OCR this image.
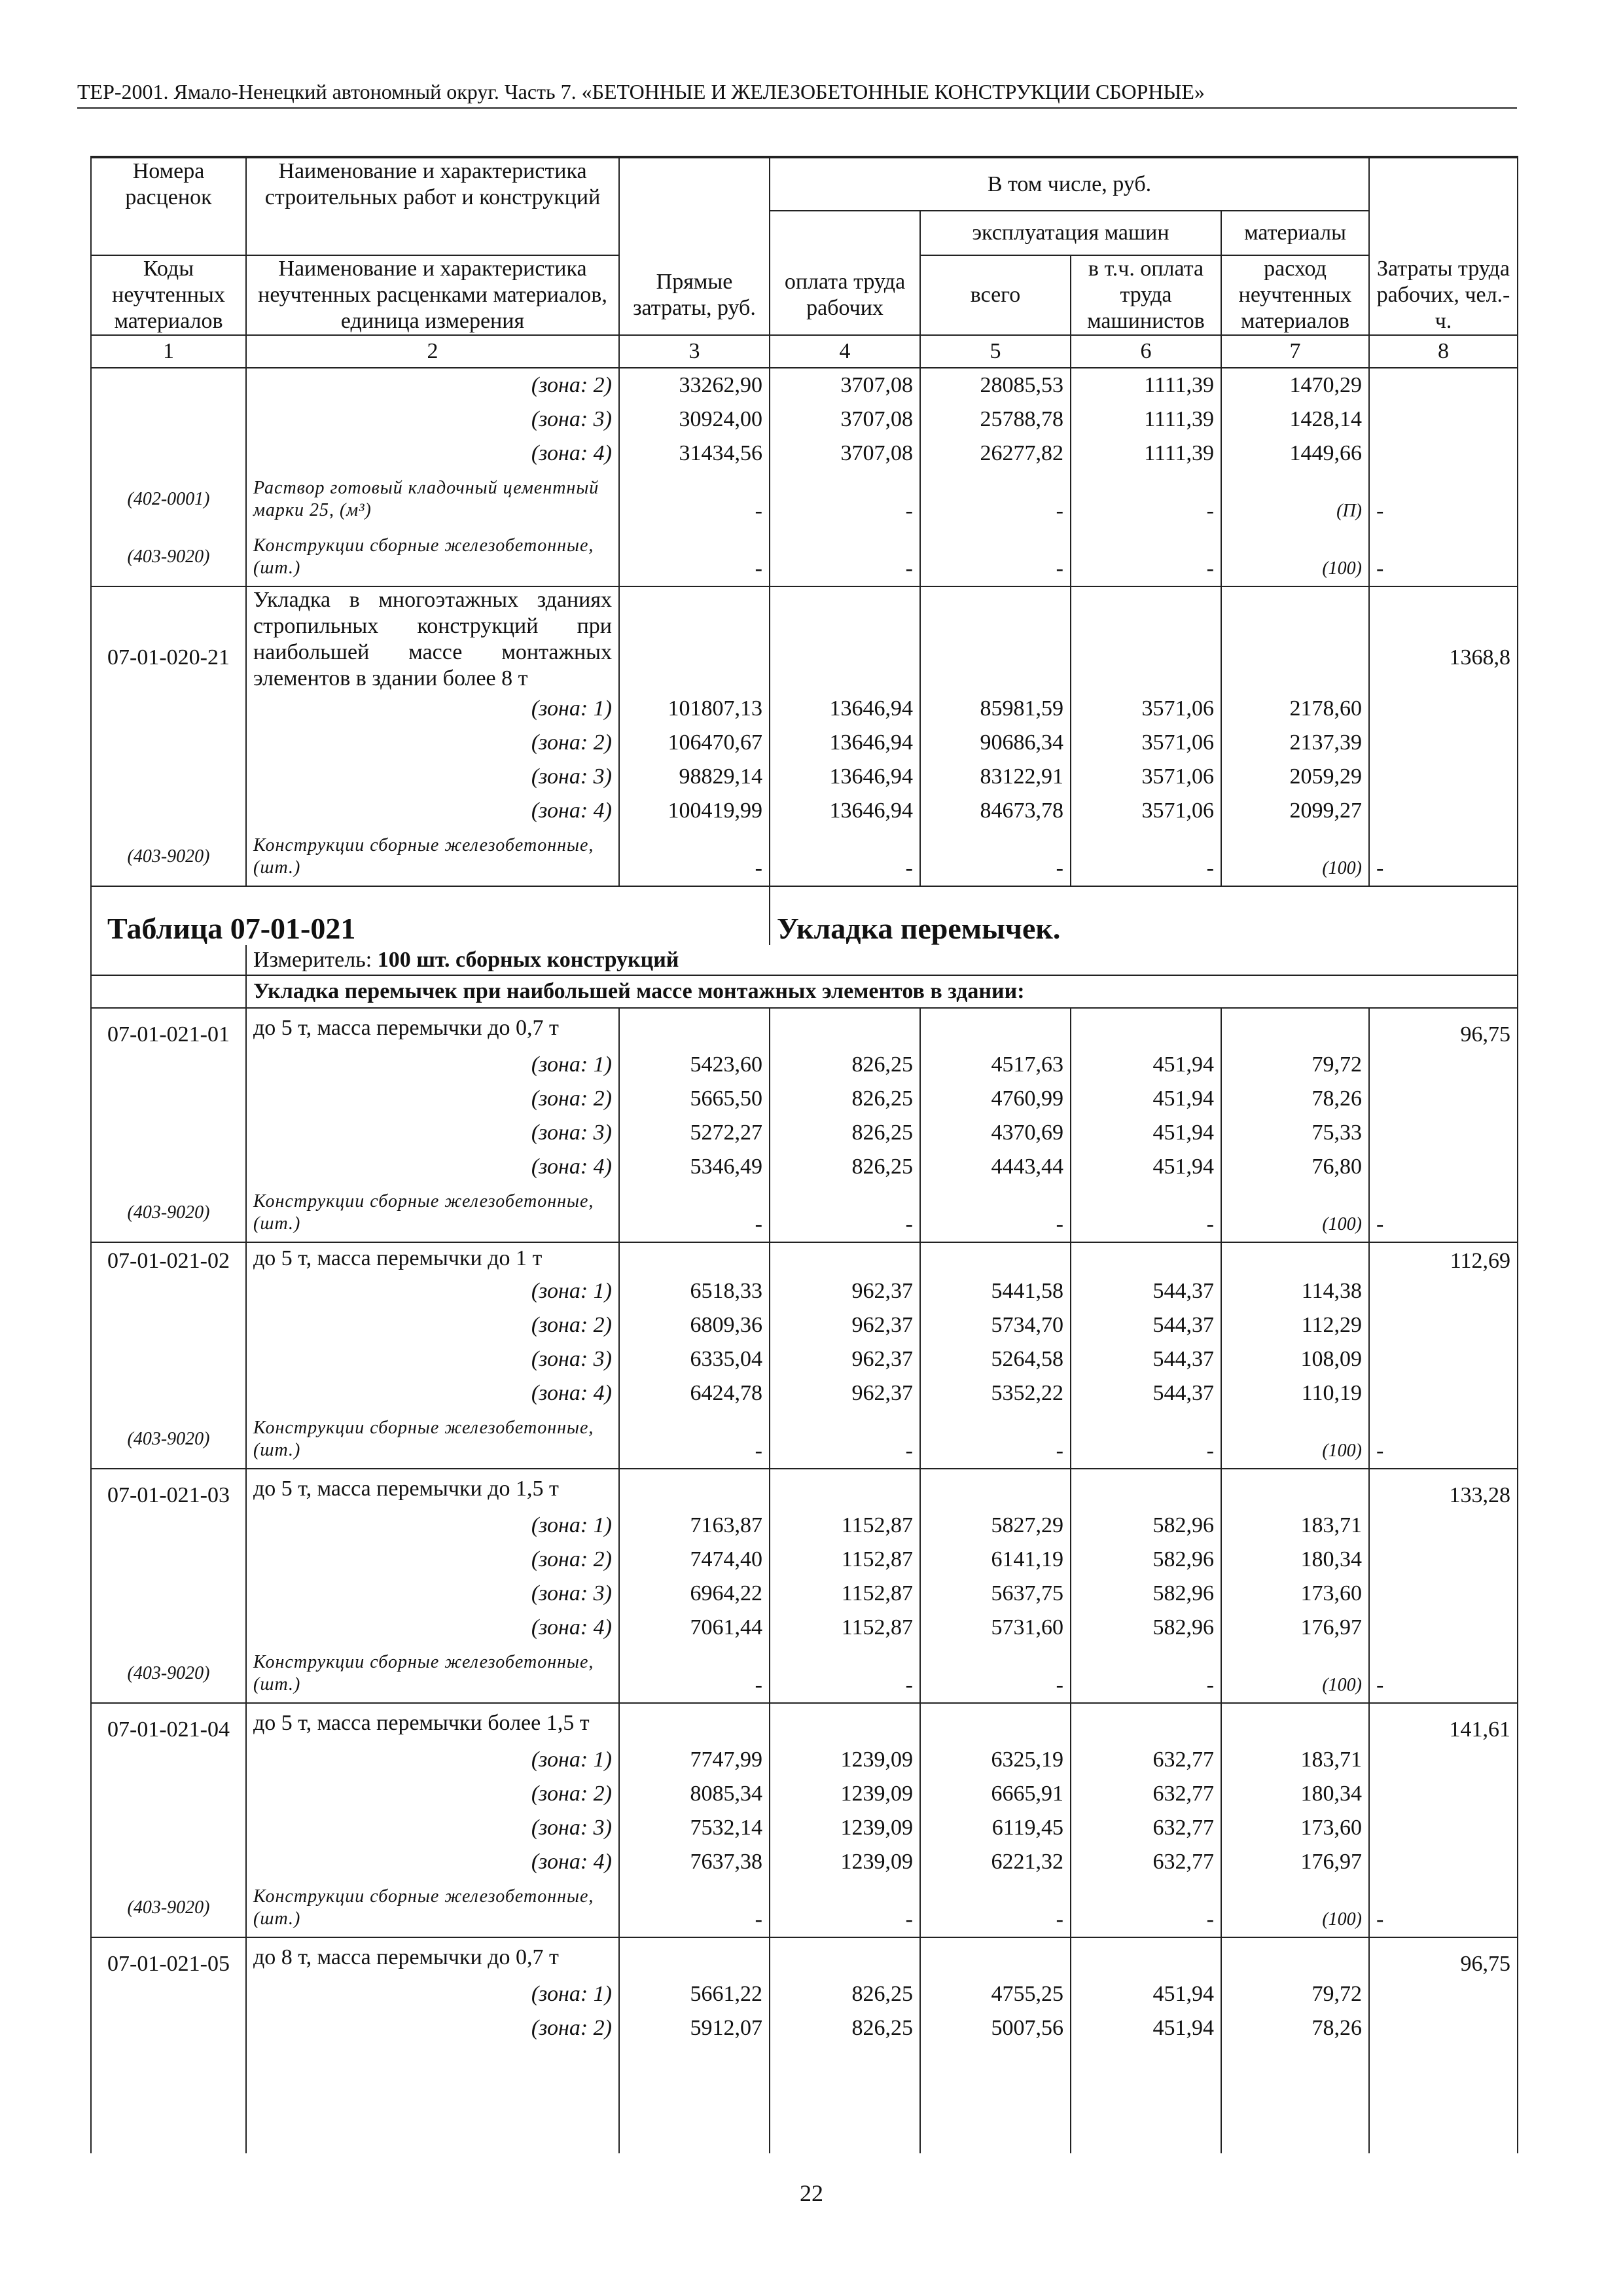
ТЕР-2001. Ямало-Ненецкий автономный округ. Часть 7. «БЕТОННЫЕ И ЖЕЛЕЗОБЕТОННЫЕ КОНСТРУКЦИИ СБОРНЫЕ»
Номера расценок	Наименование и характеристика строительных работ и конструкций		В том числе, руб.				
				эксплуатация машин		материалы	
Коды неучтенных материалов	Наименование и характеристика неучтенных расценками материалов, единица измерения	Прямые затраты, руб.	оплата труда рабочих	всего	в т.ч. оплата труда машинистов	расход неучтенных материалов	Затраты труда рабочих, чел.-ч.
1	2	3	4	5	6	7	8
	(зона: 2)	33262,90	3707,08	28085,53	1111,39	1470,29	
	(зона: 3)	30924,00	3707,08	25788,78	1111,39	1428,14	
	(зона: 4)	31434,56	3707,08	26277,82	1111,39	1449,66	
(402-0001)	Раствор готовый кладочный цементный марки 25, (м³)	-	-	-	-	(П)	-
(403-9020)	Конструкции сборные железобетонные, (шт.)	-	-	-	-	(100)	-
07-01-020-21	Укладка в многоэтажных зданиях стропильных конструкций при наибольшей массе монтажных элементов в здании более 8 т						1368,8
	(зона: 1)	101807,13	13646,94	85981,59	3571,06	2178,60	
	(зона: 2)	106470,67	13646,94	90686,34	3571,06	2137,39	
	(зона: 3)	98829,14	13646,94	83122,91	3571,06	2059,29	
	(зона: 4)	100419,99	13646,94	84673,78	3571,06	2099,27	
(403-9020)	Конструкции сборные железобетонные, (шт.)	-	-	-	-	(100)	-
Таблица 07-01-021			Укладка перемычек.				
	Измеритель: 100 шт. сборных конструкций						
	Укладка перемычек при наибольшей массе монтажных элементов в здании:						
07-01-021-01	до 5 т, масса перемычки до 0,7 т						96,75
	(зона: 1)	5423,60	826,25	4517,63	451,94	79,72	
	(зона: 2)	5665,50	826,25	4760,99	451,94	78,26	
	(зона: 3)	5272,27	826,25	4370,69	451,94	75,33	
	(зона: 4)	5346,49	826,25	4443,44	451,94	76,80	
(403-9020)	Конструкции сборные железобетонные, (шт.)	-	-	-	-	(100)	-
07-01-021-02	до 5 т, масса перемычки до 1 т						112,69
	(зона: 1)	6518,33	962,37	5441,58	544,37	114,38	
	(зона: 2)	6809,36	962,37	5734,70	544,37	112,29	
	(зона: 3)	6335,04	962,37	5264,58	544,37	108,09	
	(зона: 4)	6424,78	962,37	5352,22	544,37	110,19	
(403-9020)	Конструкции сборные железобетонные, (шт.)	-	-	-	-	(100)	-
07-01-021-03	до 5 т, масса перемычки до 1,5 т						133,28
	(зона: 1)	7163,87	1152,87	5827,29	582,96	183,71	
	(зона: 2)	7474,40	1152,87	6141,19	582,96	180,34	
	(зона: 3)	6964,22	1152,87	5637,75	582,96	173,60	
	(зона: 4)	7061,44	1152,87	5731,60	582,96	176,97	
(403-9020)	Конструкции сборные железобетонные, (шт.)	-	-	-	-	(100)	-
07-01-021-04	до 5 т, масса перемычки более 1,5 т						141,61
	(зона: 1)	7747,99	1239,09	6325,19	632,77	183,71	
	(зона: 2)	8085,34	1239,09	6665,91	632,77	180,34	
	(зона: 3)	7532,14	1239,09	6119,45	632,77	173,60	
	(зона: 4)	7637,38	1239,09	6221,32	632,77	176,97	
(403-9020)	Конструкции сборные железобетонные, (шт.)	-	-	-	-	(100)	-
07-01-021-05	до 8 т, масса перемычки до 0,7 т						96,75
	(зона: 1)	5661,22	826,25	4755,25	451,94	79,72	
	(зона: 2)	5912,07	826,25	5007,56	451,94	78,26	

22
